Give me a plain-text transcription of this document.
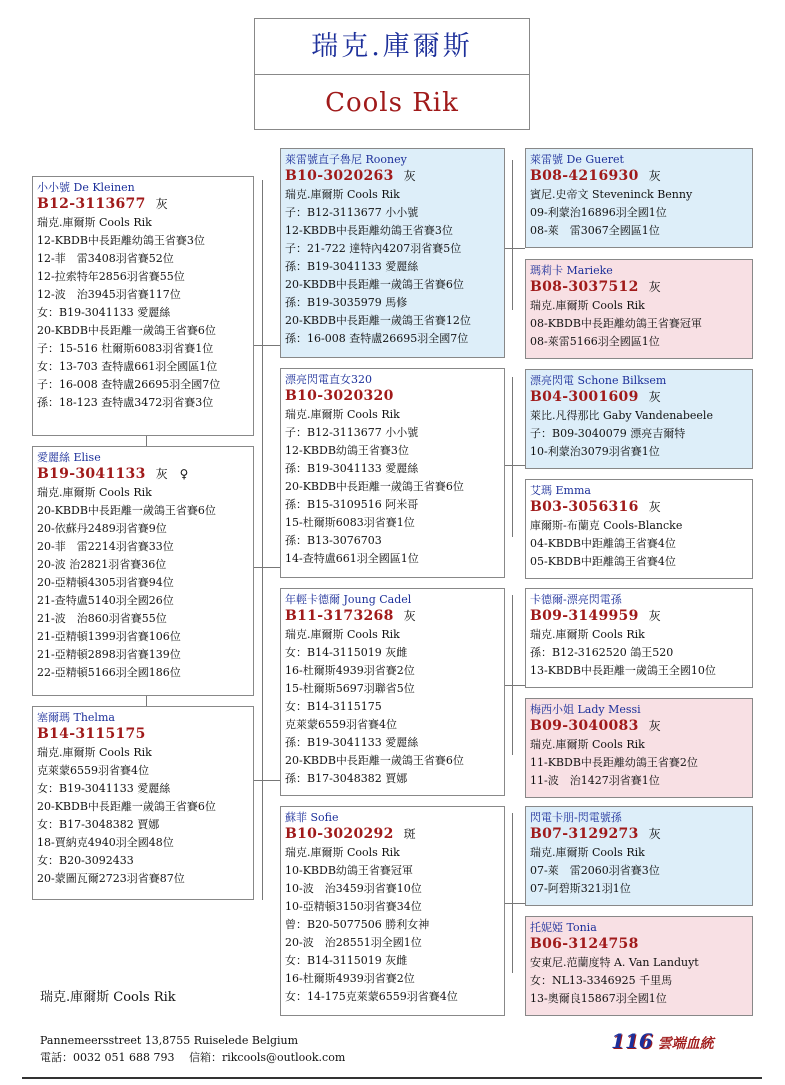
瑞克.庫爾斯
Cools Rik
小小號 De Kleinen
B12-3113677 灰
瑞克.庫爾斯 Cools Rik
12-KBDB中長距離幼鴿王省賽3位
12-菲　雷3408羽省賽52位
12-拉索特年2856羽省賽55位
12-波　治3945羽省賽117位
女：B19-3041133 愛麗絲
20-KBDB中長距離一歲鴿王省賽6位
子：15-516 杜爾斯6083羽省賽1位
女：13-703 查特盧661羽全國區1位
子：16-008 查特盧26695羽全國7位
孫：18-123 查特盧3472羽省賽3位
愛麗絲 Elise
B19-3041133 灰 ♀
瑞克.庫爾斯 Cools Rik
20-KBDB中長距離一歲鴿王省賽6位
20-依蘇丹2489羽省賽9位
20-菲　雷2214羽省賽33位
20-波 治2821羽省賽36位
20-亞精頓4305羽省賽94位
21-查特盧5140羽全國26位
21-波　治860羽省賽55位
21-亞精頓1399羽省賽106位
21-亞精頓2898羽省賽139位
22-亞精頓5166羽全國186位
塞爾瑪 Thelma
B14-3115175
瑞克.庫爾斯 Cools Rik
克萊蒙6559羽省賽4位
女：B19-3041133 愛麗絲
20-KBDB中長距離一歲鴿王省賽6位
女：B17-3048382 賈娜
18-賈納克4940羽全國48位
女：B20-3092433
20-蒙圖瓦爾2723羽省賽87位
萊雷號直子魯尼 Rooney
B10-3020263 灰
瑞克.庫爾斯 Cools Rik
子：B12-3113677 小小號
12-KBDB中長距離幼鴿王省賽3位
子：21-722 達特內4207羽省賽5位
孫：B19-3041133 愛麗絲
20-KBDB中長距離一歲鴿王省賽6位
孫：B19-3035979 馬修
20-KBDB中長距離一歲鴿王省賽12位
孫：16-008 查特盧26695羽全國7位
漂亮閃電直女320
B10-3020320
瑞克.庫爾斯 Cools Rik
子：B12-3113677 小小號
12-KBDB幼鴿王省賽3位
孫：B19-3041133 愛麗絲
20-KBDB中長距離一歲鴿王省賽6位
孫：B15-3109516 阿米哥
15-杜爾斯6083羽省賽1位
孫：B13-3076703
14-查特盧661羽全國區1位
年輕卡德爾 Joung Cadel
B11-3173268 灰
瑞克.庫爾斯 Cools Rik
女：B14-3115019 灰雌
16-杜爾斯4939羽省賽2位
15-杜爾斯5697羽聯省5位
女：B14-3115175
克萊蒙6559羽省賽4位
孫：B19-3041133 愛麗絲
20-KBDB中長距離一歲鴿王省賽6位
孫：B17-3048382 賈娜
蘇菲 Sofie
B10-3020292 斑
瑞克.庫爾斯 Cools Rik
10-KBDB幼鴿王省賽冠軍
10-波　治3459羽省賽10位
10-亞精頓3150羽省賽34位
曾：B20-5077506 勝利女神
20-波　治28551羽全國1位
女：B14-3115019 灰雌
16-杜爾斯4939羽省賽2位
女：14-175克萊蒙6559羽省賽4位
萊雷號 De Gueret
B08-4216930 灰
賓尼.史帝文 Steveninck Benny
09-利蒙治16896羽全國1位
08-萊　雷3067全國區1位
瑪莉卡 Marieke
B08-3037512 灰
瑞克.庫爾斯 Cools Rik
08-KBDB中長距離幼鴿王省賽冠軍
08-萊雷5166羽全國區1位
漂亮閃電 Schone Bilksem
B04-3001609 灰
萊比.凡得那比 Gaby Vandenabeele
子：B09-3040079 漂亮吉爾特
10-利蒙治3079羽省賽1位
艾瑪 Emma
B03-3056316 灰
庫爾斯-布蘭克 Cools-Blancke
04-KBDB中距離鴿王省賽4位
05-KBDB中距離鴿王省賽4位
卡德爾-漂亮閃電孫
B09-3149959 灰
瑞克.庫爾斯 Cools Rik
孫：B12-3162520 鴿王520
13-KBDB中長距離一歲鴿王全國10位
梅西小姐 Lady Messi
B09-3040083 灰
瑞克.庫爾斯 Cools Rik
11-KBDB中長距離幼鴿王省賽2位
11-波　治1427羽省賽1位
閃電卡朋-閃電號孫
B07-3129273 灰
瑞克.庫爾斯 Cools Rik
07-萊　雷2060羽省賽3位
07-阿碧斯321羽1位
托妮婭 Tonia
B06-3124758
安東尼.范蘭度特 A. Van Landuyt
女：NL13-3346925 千里馬
13-奧爾良15867羽全國1位
瑞克.庫爾斯 Cools Rik
Pannemeersstreet 13,8755 Ruiselede Belgium
電話：0032 051 688 793　 信箱：rikcools@outlook.com
116 雲端血統
